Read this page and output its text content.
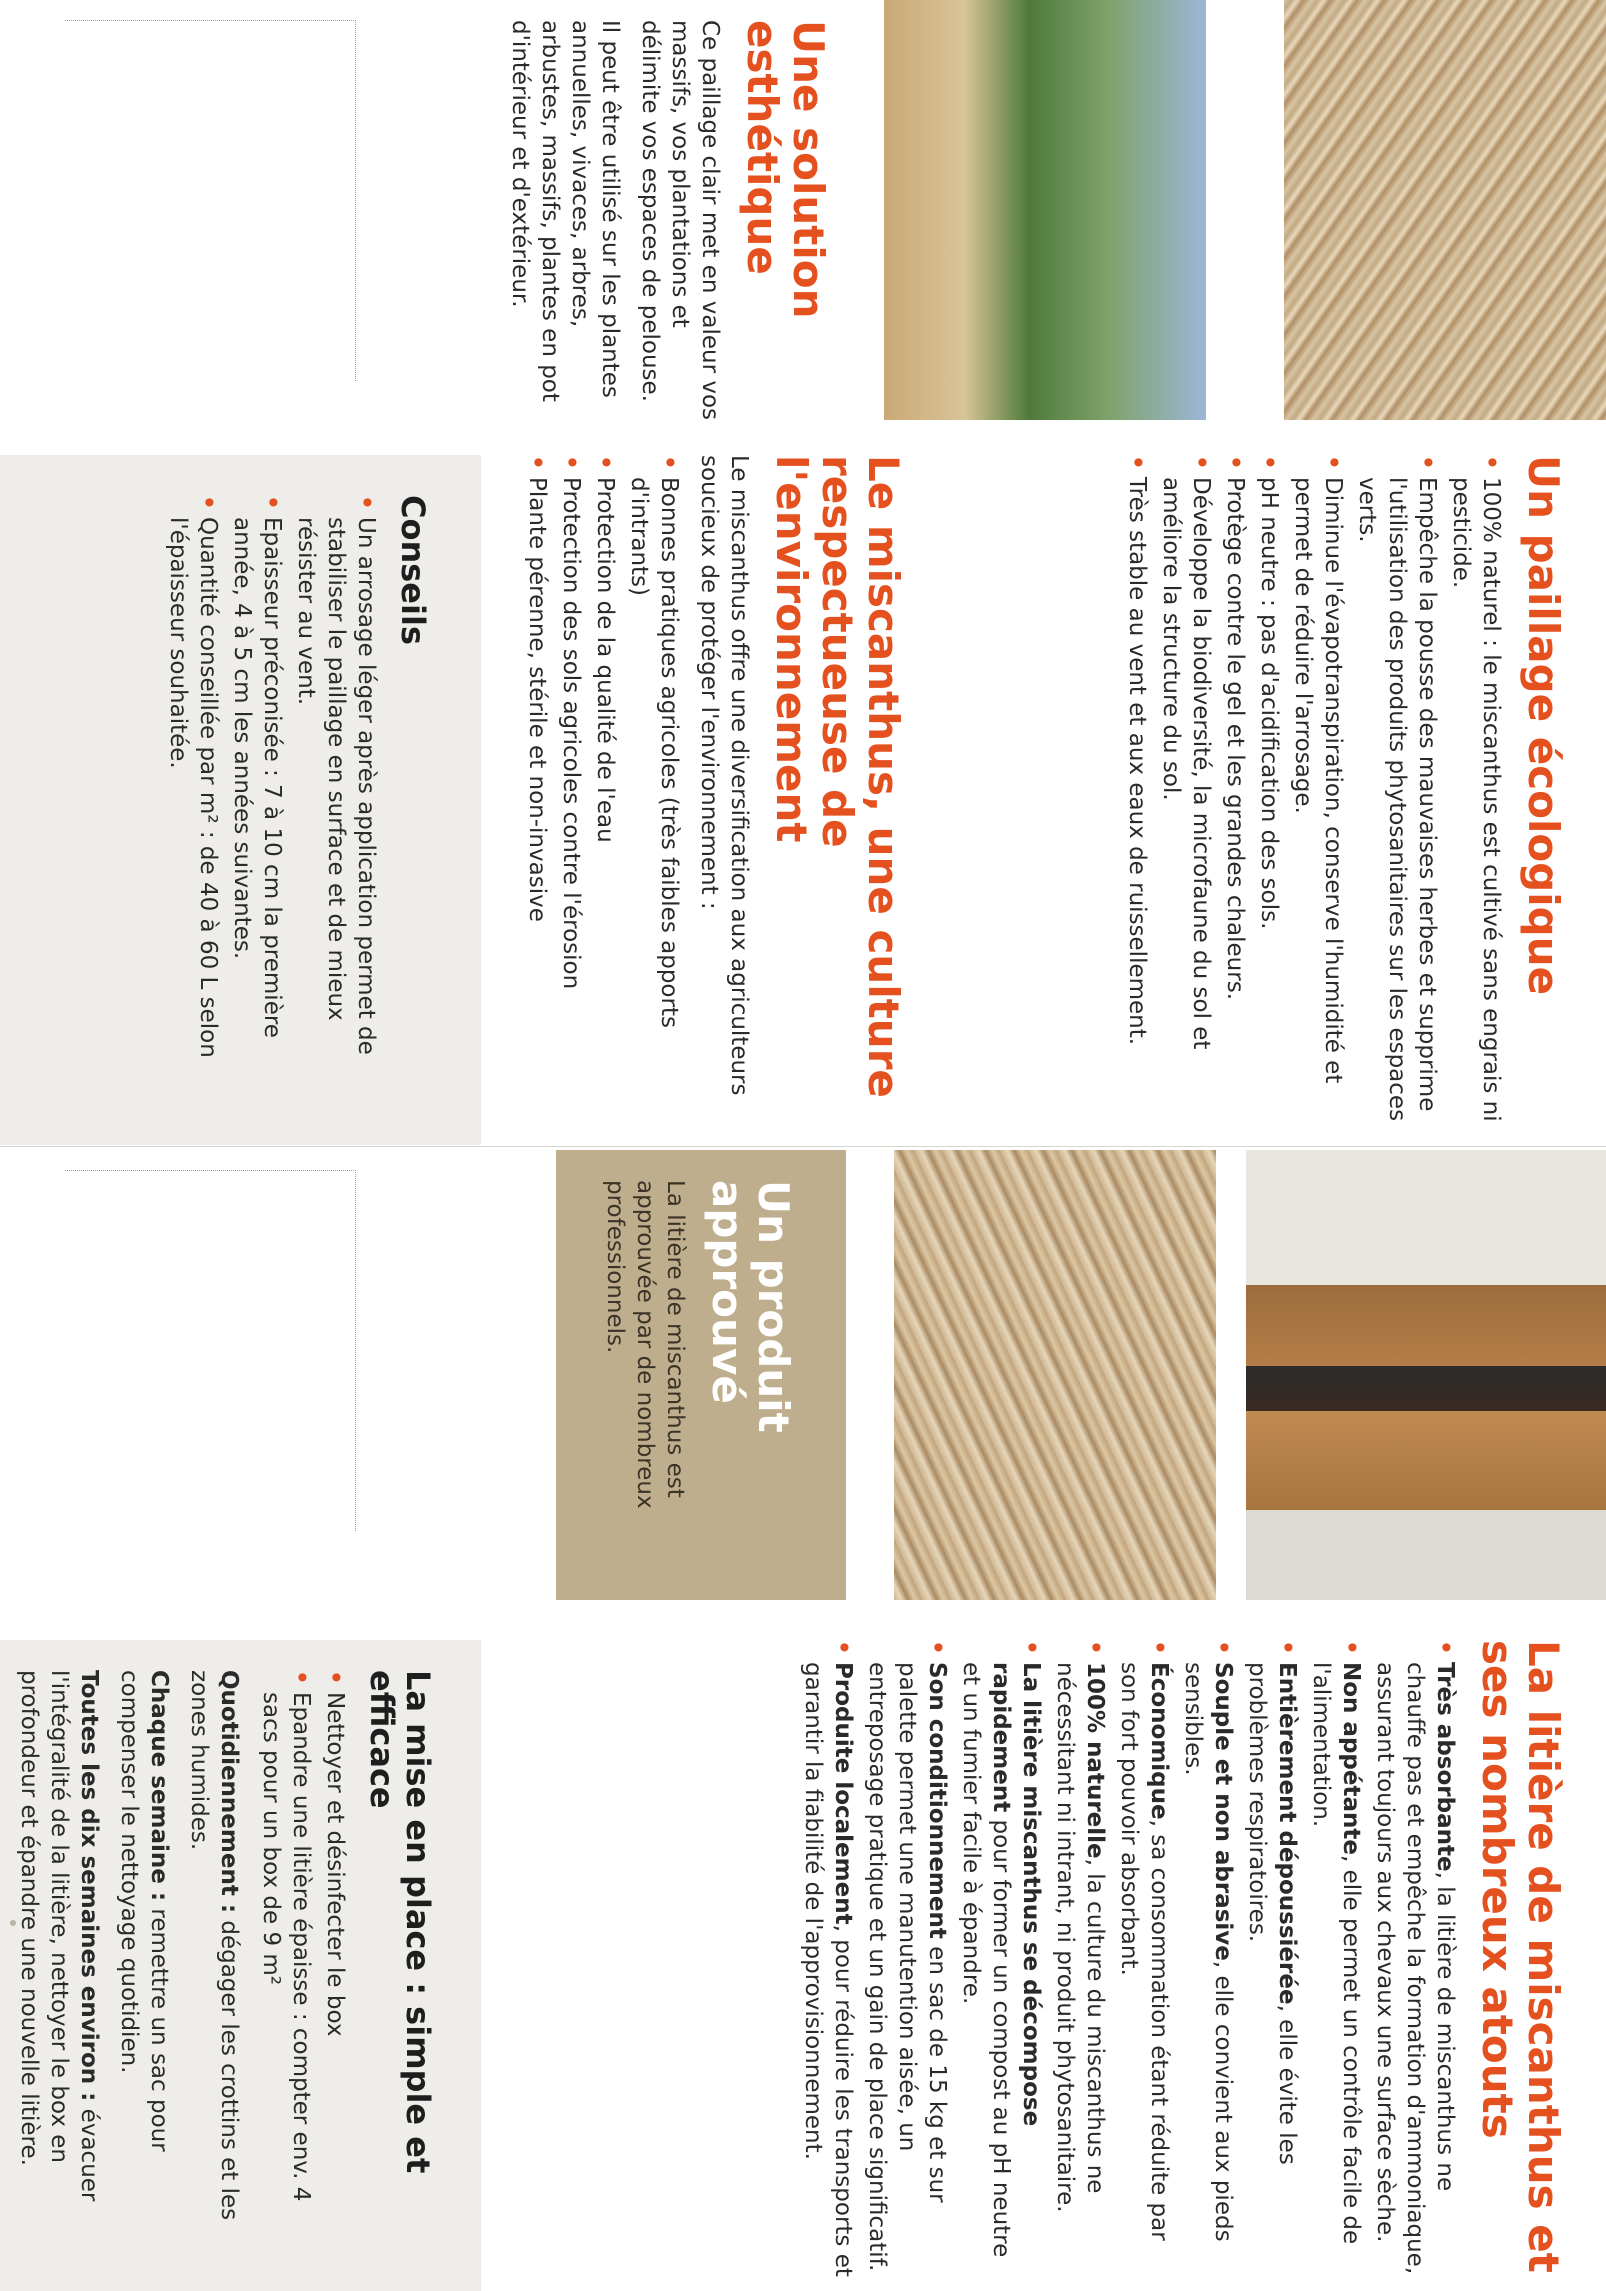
Un paillage écologique
• 100% naturel : le miscanthus est cultivé sans engrais ni pesticide.
• Empêche la pousse des mauvaises herbes et supprime l'utilisation des produits phytosanitaires sur les espaces verts.
• Diminue l'évapotranspiration, conserve l'humidité et permet de réduire l'arrosage.
• pH neutre : pas d'acidification des sols.
• Protège contre le gel et les grandes chaleurs.
• Développe la biodiversité, la microfaune du sol et améliore la structure du sol.
• Très stable au vent et aux eaux de ruissellement.
Une solution esthétique

Ce paillage clair met en valeur vos massifs, vos plantations et délimite vos espaces de pelouse.

Il peut être utilisé sur les plantes annuelles, vivaces, arbres, arbustes, massifs, plantes en pot d'intérieur et d'extérieur.

Le miscanthus, une culture respectueuse de l'environnement

Le miscanthus offre une diversification aux agriculteurs soucieux de protéger l'environnement :

• Bonnes pratiques agricoles (très faibles apports d'intrants)
• Protection de la qualité de l'eau
• Protection des sols agricoles contre l'érosion
• Plante pérenne, stérile et non-invasive
Conseils
• Un arrosage léger après application permet de stabiliser le paillage en surface et de mieux résister au vent.
• Epaisseur préconisée : 7 à 10 cm la première année, 4 à 5 cm les années suivantes.
• Quantité conseillée par m² : de 40 à 60 L selon l'épaisseur souhaitée.
Un produit approuvé

La litière de miscanthus est approuvée par de nombreux professionnels.

La litière de miscanthus et ses nombreux atouts
• Très absorbante, la litière de miscanthus ne chauffe pas et empêche la formation d'ammoniaque, assurant toujours aux chevaux une surface sèche.
• Non appétante, elle permet un contrôle facile de l'alimentation.
• Entièrement dépoussiérée, elle évite les problèmes respiratoires.
• Souple et non abrasive, elle convient aux pieds sensibles.
• Économique, sa consommation étant réduite par son fort pouvoir absorbant.
• 100% naturelle, la culture du miscanthus ne nécessitant ni intrant, ni produit phytosanitaire.
• La litière miscanthus se décompose rapidement pour former un compost au pH neutre et un fumier facile à épandre.
• Son conditionnement en sac de 15 kg et sur palette permet une manutention aisée, un entreposage pratique et un gain de place significatif.
• Produite localement, pour réduire les transports et garantir la fiabilité de l'approvisionnement.
La mise en place : simple et efficace
• Nettoyer et désinfecter le box
• Epandre une litière épaisse : compter env. 4 sacs pour un box de 9 m²

Quotidiennement : dégager les crottins et les zones humides.

Chaque semaine : remettre un sac pour compenser le nettoyage quotidien.

Toutes les dix semaines environ : évacuer l'intégralité de la litière, nettoyer le box en profondeur et épandre une nouvelle litière.
